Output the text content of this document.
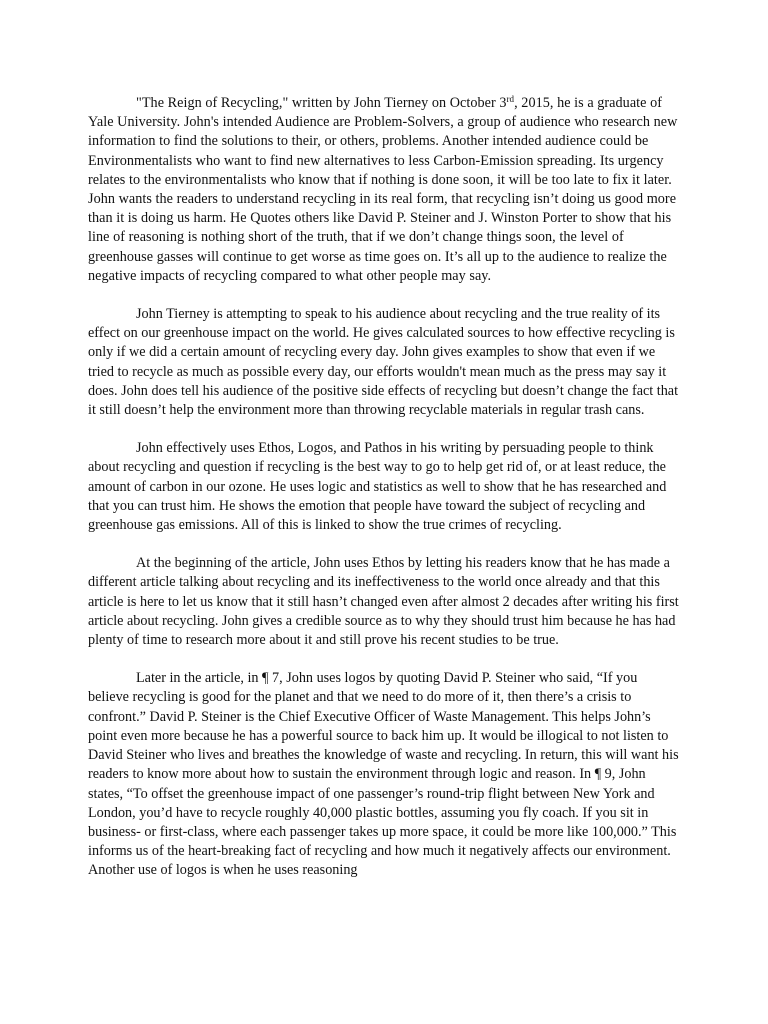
"The Reign of Recycling," written by John Tierney on October 3rd, 2015, he is a graduate of Yale University. John's intended Audience are Problem-Solvers, a group of audience who research new information to find the solutions to their, or others, problems. Another intended audience could be Environmentalists who want to find new alternatives to less Carbon-Emission spreading. Its urgency relates to the environmentalists who know that if nothing is done soon, it will be too late to fix it later. John wants the readers to understand recycling in its real form, that recycling isn’t doing us good more than it is doing us harm. He Quotes others like David P. Steiner and J. Winston Porter to show that his line of reasoning is nothing short of the truth, that if we don’t change things soon, the level of greenhouse gasses will continue to get worse as time goes on. It’s all up to the audience to realize the negative impacts of recycling compared to what other people may say.

John Tierney is attempting to speak to his audience about recycling and the true reality of its effect on our greenhouse impact on the world. He gives calculated sources to how effective recycling is only if we did a certain amount of recycling every day. John gives examples to show that even if we tried to recycle as much as possible every day, our efforts wouldn't mean much as the press may say it does. John does tell his audience of the positive side effects of recycling but doesn’t change the fact that it still doesn’t help the environment more than throwing recyclable materials in regular trash cans.

John effectively uses Ethos, Logos, and Pathos in his writing by persuading people to think about recycling and question if recycling is the best way to go to help get rid of, or at least reduce, the amount of carbon in our ozone. He uses logic and statistics as well to show that he has researched and that you can trust him. He shows the emotion that people have toward the subject of recycling and greenhouse gas emissions. All of this is linked to show the true crimes of recycling.

At the beginning of the article, John uses Ethos by letting his readers know that he has made a different article talking about recycling and its ineffectiveness to the world once already and that this article is here to let us know that it still hasn’t changed even after almost 2 decades after writing his first article about recycling. John gives a credible source as to why they should trust him because he has had plenty of time to research more about it and still prove his recent studies to be true.

Later in the article, in ¶ 7, John uses logos by quoting David P. Steiner who said, “If you believe recycling is good for the planet and that we need to do more of it, then there’s a crisis to confront.” David P. Steiner is the Chief Executive Officer of Waste Management. This helps John’s point even more because he has a powerful source to back him up. It would be illogical to not listen to David Steiner who lives and breathes the knowledge of waste and recycling. In return, this will want his readers to know more about how to sustain the environment through logic and reason. In ¶ 9, John states, “To offset the greenhouse impact of one passenger’s round-trip flight between New York and London, you’d have to recycle roughly 40,000 plastic bottles, assuming you fly coach. If you sit in business- or first-class, where each passenger takes up more space, it could be more like 100,000.” This informs us of the heart-breaking fact of recycling and how much it negatively affects our environment. Another use of logos is when he uses reasoning
